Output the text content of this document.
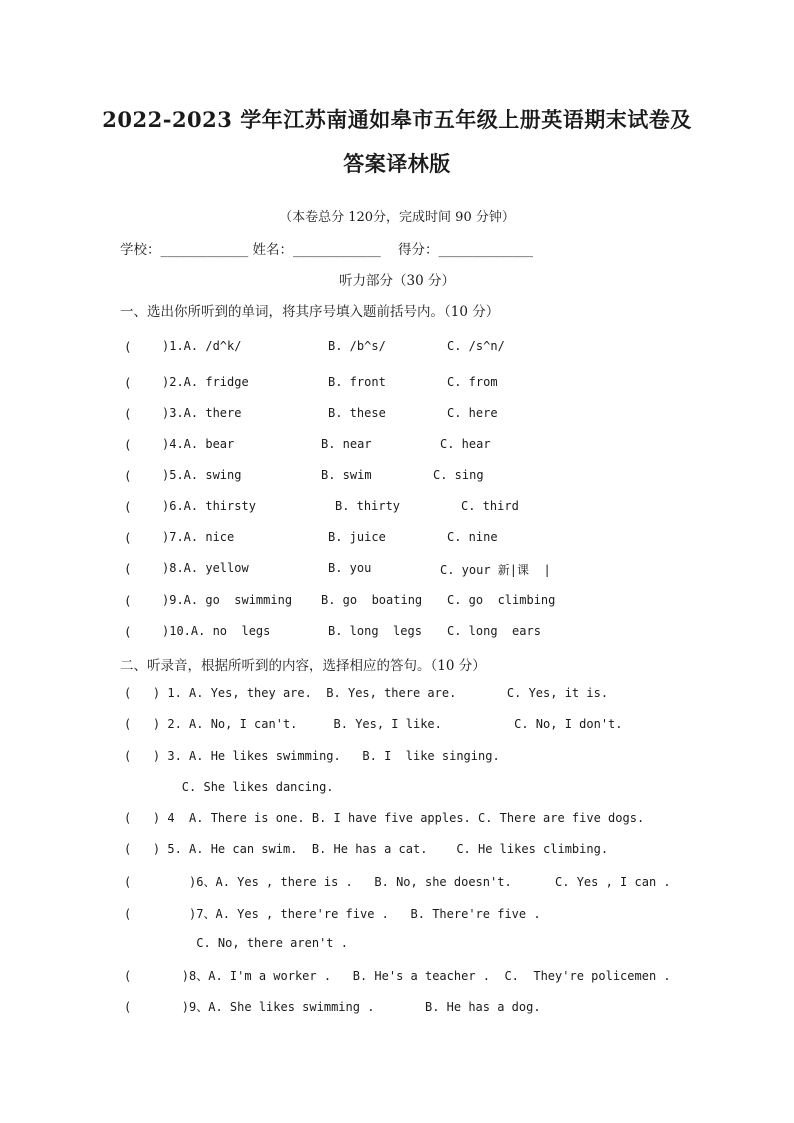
2022-2023 学年江苏南通如皋市五年级上册英语期末试卷及
答案译林版
（本卷总分 120分，完成时间 90 分钟）
学校：_____________ 姓名：_____________    得分：______________
听力部分（30 分）
一、选出你所听到的单词，将其序号填入题前括号内。（10 分）
(	)1.A. /d^k/	B. /b^s/	C. /s^n/
(	)2.A. fridge	B. front	C. from
(	)3.A. there	B. these	C. here
(	)4.A. bear	B. near	C. hear
(	)5.A. swing	B. swim	C. sing
(	)6.A. thirsty	B. thirty	C. third
(	)7.A. nice	B. juice	C. nine
(	)8.A. yellow	B. you	C. your 新|课  |
(	)9.A. go  swimming B. go  boating C. go  climbing
(	)10.A. no  legs	B. long  legs C. long  ears
二、听录音，根据所听到的内容，选择相应的答句。（10 分）
(   ) 1. A. Yes, they are.  B. Yes, there are.       C. Yes, it is.
(   ) 2. A. No, I can't.     B. Yes, I like.          C. No, I don't.
(   ) 3. A. He likes swimming.   B. I  like singing.
C. She likes dancing.
(   ) 4  A. There is one. B. I have five apples. C. There are five dogs.
(   ) 5. A. He can swim.  B. He has a cat.    C. He likes climbing.
(        )6、A. Yes , there is .   B. No, she doesn't.      C. Yes , I can .
(        )7、A. Yes , there're five .   B. There're five .
C. No, there aren't .
(       )8、A. I'm a worker .   B. He's a teacher .  C.  They're policemen .
(       )9、A. She likes swimming .       B. He has a dog.
